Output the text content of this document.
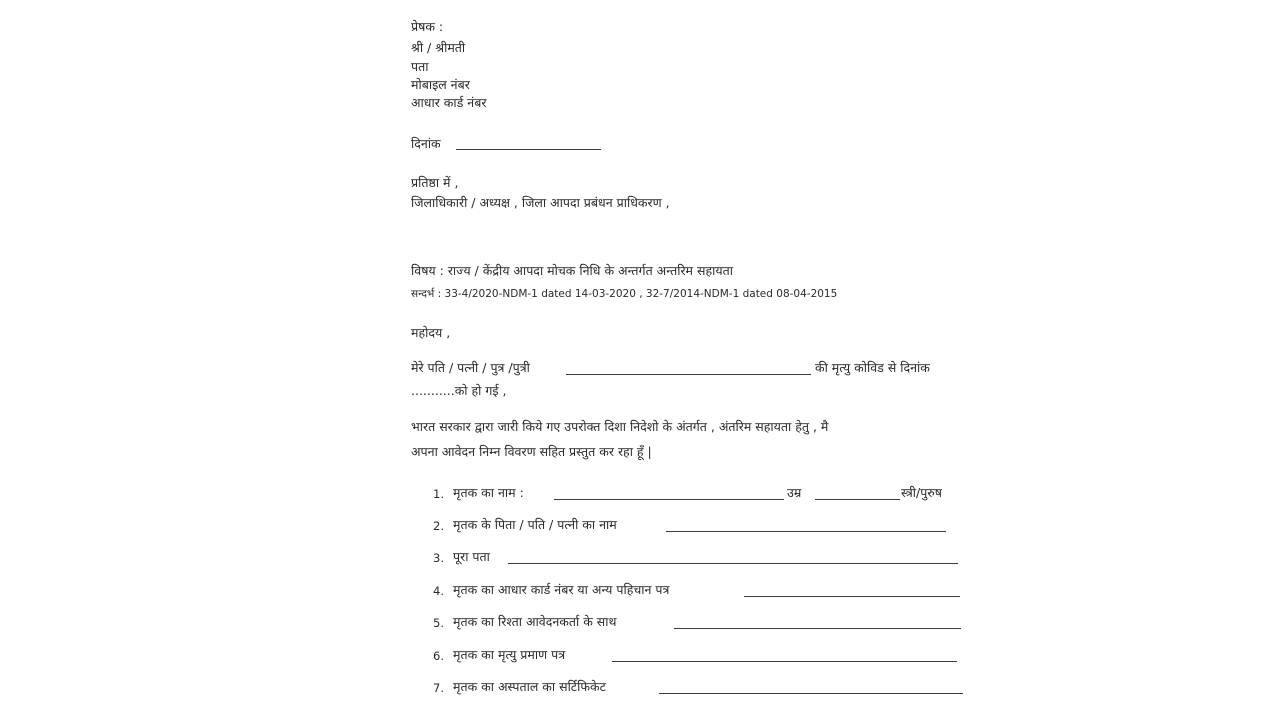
प्रेषक :
श्री / श्रीमती
पता
मोबाइल नंबर
आधार कार्ड नंबर
दिनांक
प्रतिष्ठा में ,
जिलाधिकारी / अध्यक्ष , जिला आपदा प्रबंधन प्राधिकरण ,
विषय : राज्य / केंद्रीय आपदा मोचक निधि के अन्तर्गत अन्तरिम सहायता
सन्दर्भ : 33-4/2020-NDM-1 dated 14-03-2020 , 32-7/2014-NDM-1 dated 08-04-2015
महोदय ,
मेरे पति / पत्नी / पुत्र /पुत्री	की मृत्यु कोविड से दिनांक
...........को हो गई ,
भारत सरकार द्वारा जारी किये गए उपरोक्त दिशा निदेशो के अंतर्गत , अंतरिम सहायता हेतु , मै
अपना आवेदन निम्न विवरण सहित प्रस्तुत कर रहा हूँ |
1. मृतक का नाम :	उम्र	स्त्री/पुरुष
2. मृतक के पिता / पति / पत्नी का नाम
3. पूरा पता
4. मृतक का आधार कार्ड नंबर या अन्य पहिचान पत्र
5. मृतक का रिश्ता आवेदनकर्ता के साथ
6. मृतक का मृत्यु प्रमाण पत्र
7. मृतक का अस्पताल का सर्टिफिकेट
